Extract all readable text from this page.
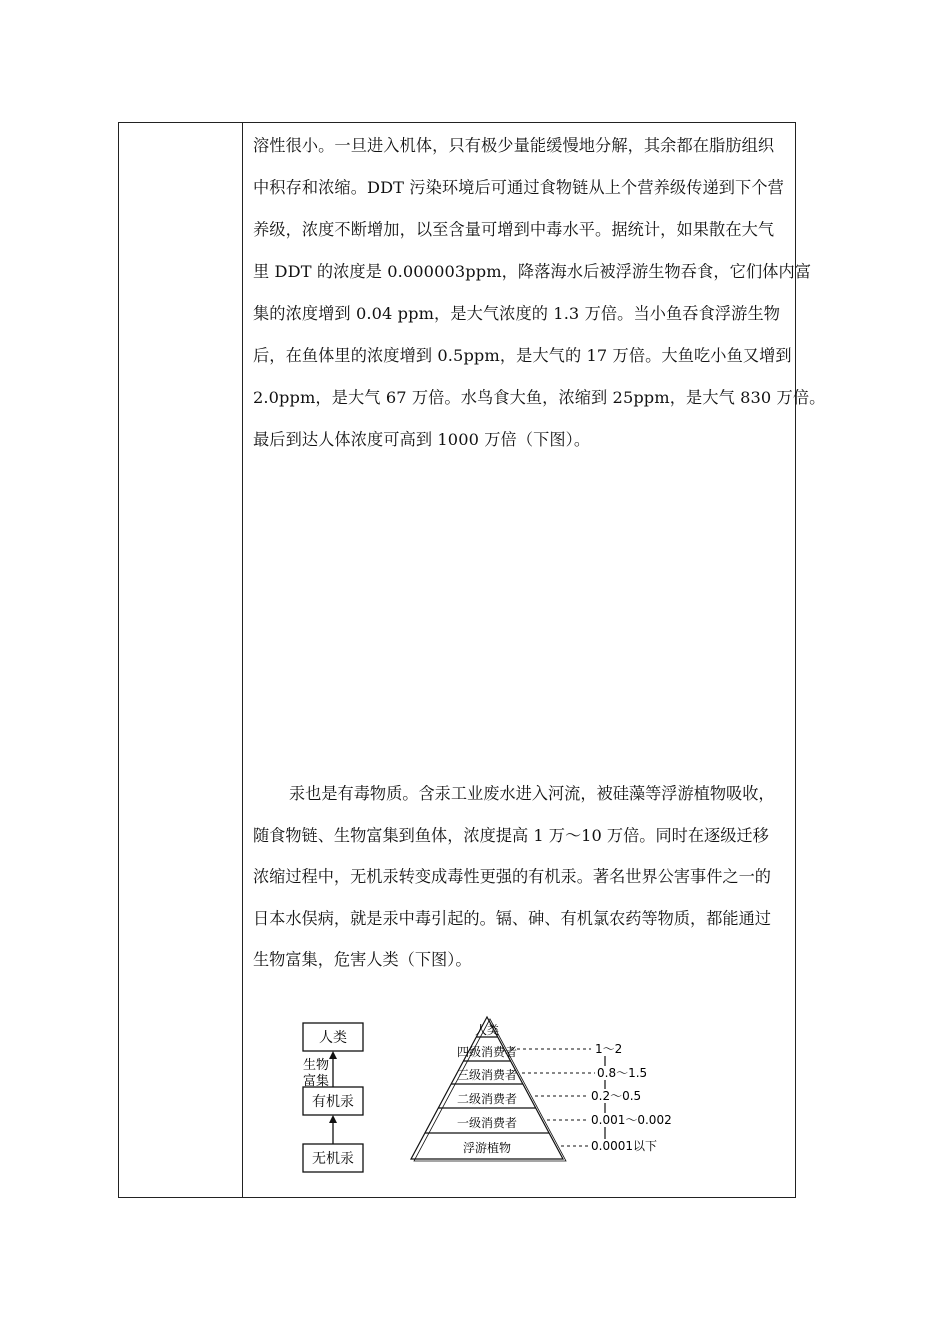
溶性很小。一旦进入机体，只有极少量能缓慢地分解，其余都在脂肪组织
中积存和浓缩。DDT 污染环境后可通过食物链从上个营养级传递到下个营
养级，浓度不断增加，以至含量可增到中毒水平。据统计，如果散在大气
里 DDT 的浓度是 0.000003ppm，降落海水后被浮游生物吞食，它们体内富
集的浓度增到 0.04 ppm，是大气浓度的 1.3 万倍。当小鱼吞食浮游生物
后，在鱼体里的浓度增到 0.5ppm，是大气的 17 万倍。大鱼吃小鱼又增到
2.0ppm，是大气 67 万倍。水鸟食大鱼，浓缩到 25ppm，是大气 830 万倍。
最后到达人体浓度可高到 1000 万倍（下图）。
汞也是有毒物质。含汞工业废水进入河流，被硅藻等浮游植物吸收，
随食物链、生物富集到鱼体，浓度提高 1 万～10 万倍。同时在逐级迁移
浓缩过程中，无机汞转变成毒性更强的有机汞。著名世界公害事件之一的
日本水俣病，就是汞中毒引起的。镉、砷、有机氯农药等物质，都能通过
生物富集，危害人类（下图）。
人类
有机汞
无机汞
生物
富集
人类
四级消费者
三级消费者
二级消费者
一级消费者
浮游植物
1～2
0.8～1.5
0.2～0.5
0.001～0.002
0.0001以下
